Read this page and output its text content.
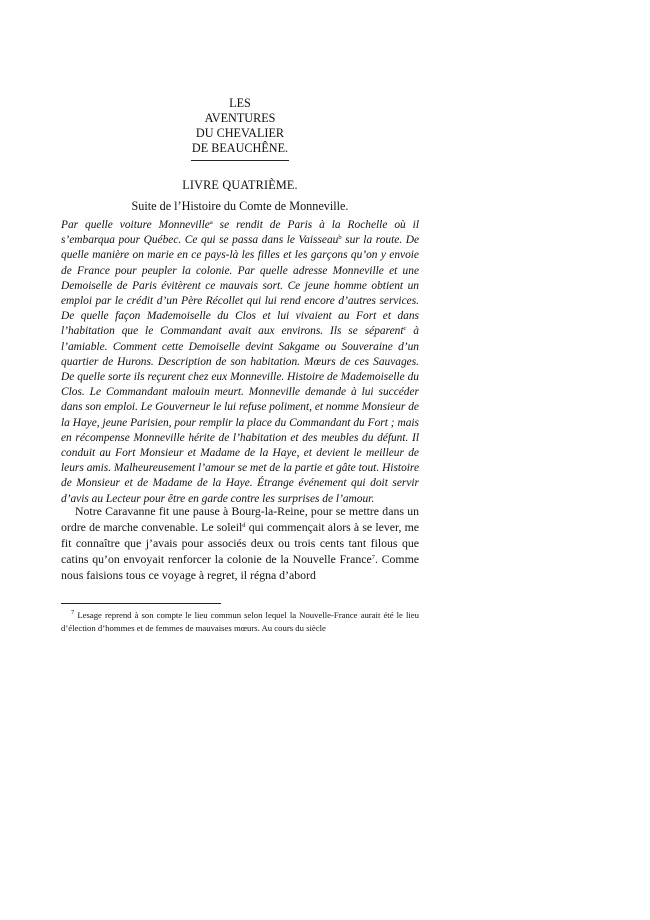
LES
AVENTURES
DU CHEVALIER
DE BEAUCHÊNE.
LIVRE QUATRIÈME.
Suite de l’Histoire du Comte de Monneville.

Par quelle voiture Monneville$^a$ se rendit de Paris à la Rochelle où il s’embarqua pour Québec. Ce qui se passa dans le Vaisseau$^b$ sur la route. De quelle manière on marie en ce pays-là les filles et les garçons qu’on y envoie de France pour peupler la colonie. Par quelle adresse Monneville et une Demoiselle de Paris évitèrent ce mauvais sort. Ce jeune homme obtient un emploi par le crédit d’un Père Récollet qui lui rend encore d’autres services. De quelle façon Mademoiselle du Clos et lui vivaient au Fort et dans l’habitation que le Commandant avait aux environs. Ils se séparent$^c$ à l’amiable. Comment cette Demoiselle devint Sakgame ou Souveraine d’un quartier de Hurons. Description de son habitation. Mœurs de ces Sauvages. De quelle sorte ils reçurent chez eux Monneville. Histoire de Mademoiselle du Clos. Le Commandant malouin meurt. Monneville demande à lui succéder dans son emploi. Le Gouverneur le lui refuse poliment, et nomme Monsieur de la Haye, jeune Parisien, pour remplir la place du Commandant du Fort ; mais en récompense Monneville hérite de l’habitation et des meubles du défunt. Il conduit au Fort Monsieur et Madame de la Haye, et devient le meilleur de leurs amis. Malheureusement l’amour se met de la partie et gâte tout. Histoire de Monsieur et de Madame de la Haye. Étrange événement qui doit servir d’avis au Lecteur pour être en garde contre les surprises de l’amour.

Notre Caravanne fit une pause à Bourg-la-Reine, pour se mettre dans un ordre de marche convenable. Le soleil$^d$ qui commençait alors à se lever, me fit connaître que j’avais pour associés deux ou trois cents tant filous que catins qu’on envoyait renforcer la colonie de la Nouvelle France$^7$. Comme nous faisions tous ce voyage à regret, il régna d’abord

$^7$ Lesage reprend à son compte le lieu commun selon lequel la Nouvelle-France aurait été le lieu d’élection d’hommes et de femmes de mauvaises mœurs. Au cours du siècle
